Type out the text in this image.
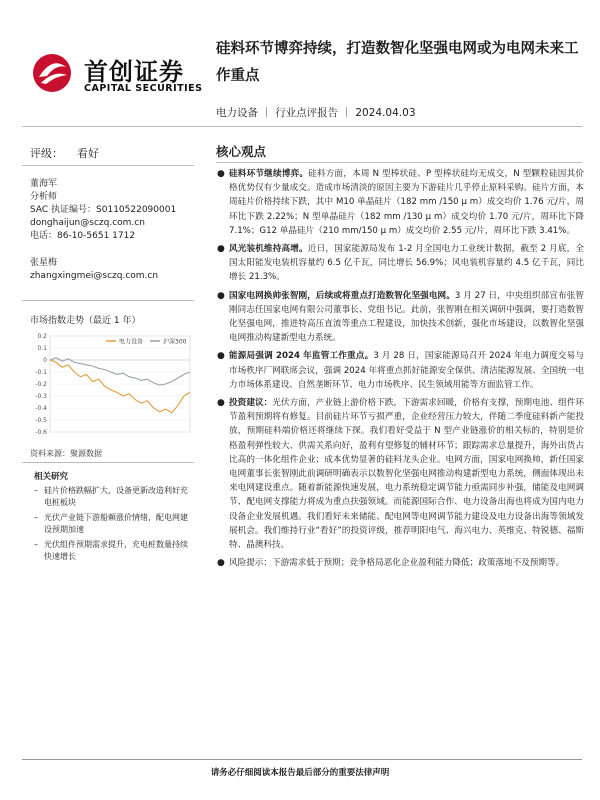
首创证券
CAPITAL SECURITIES
硅料环节博弈持续，打造数智化坚强电网或为电网未来工作重点
电力设备 ｜ 行业点评报告 ｜ 2024.04.03
评级： 看好
董海军
分析师
SAC 执证编号：S0110522090001
donghaijun@sczq.com.cn
电话：86-10-5651 1712
张星梅
zhangxingmei@sczq.com.cn
市场指数走势（最近 1 年）
0.2
0.1
0
-0.1
-0.2
-0.3
-0.4
-0.5
-0.6
电力设备	沪深300
资料来源：聚源数据
相关研究
– 硅片价格跌幅扩大，设备更新改造利好充电桩板块
– 光伏产业链下游船頼涨价情绪，配电网建设预期加速
– 光伏组件预期需求提升，充电桩数量持续快速增长
核心观点
● 硅料环节继续博弈。硅料方面，本周 N 型棒状硅、P 型棒状硅均无成交，N 型颗粒硅因其价格优势仅有少量成交。造成市场清淡的原因主要为下游硅片几乎停止原料采购。硅片方面，本周硅片价格持续下跌，其中 M10 单晶硅片（182 mm /150 μ m）成交均价 1.76 元/片，周环比下跌 2.22%；N 型单晶硅片（182 mm /130 μ m）成交均价 1.70 元/片，周环比下降 7.1%；G12 单晶硅片（210 mm/150 μ m）成交均价 2.55 元/片，周环比下跌 3.41%。
● 风光装机维持高增。近日，国家能源局发布 1-2 月全国电力工业统计数据，截至 2 月底，全国太阳能发电装机容量约 6.5 亿千瓦，同比增长 56.9%；风电装机容量约 4.5 亿千瓦，同比增长 21.3%。
● 国家电网换帅张智刚，后续或将重点打造数智化坚强电网。3 月 27 日，中央组织部宣布张智刚同志任国家电网有限公司董事长、党组书记。此前，张智刚在相关调研中强调，要打造数智化坚强电网，推进特高压直流等重点工程建设，加快技术创新，强化市场建设，以数智化坚强电网推动构建新型电力系统。
● 能源局强调 2024 年监管工作重点。3 月 28 日，国家能源局召开 2024 年电力调度交易与市场秩序厂网联席会议，强调 2024 年将重点抓好能源安全保供、清洁能源发展、全国统一电力市场体系建设、自然垄断环节、电力市场秩序、民生领域用能等方面监管工作。
● 投资建议：光伏方面，产业链上游价格下跌，下游需求回暖，价格有支撑，预期电池、组件环节盈利预期将有修复。目前硅片环节亏损严重，企业经营压力较大，伴随二季度硅料新产能投放，预期硅料端价格还将继续下探。我们看好受益于 N 型产业链涨价的相关标的，特别是价格盈利弹性较大、供需关系向好，盈利有望修复的辅材环节；跟踪需求总量提升，海外出货占比高的一体化组件企业；成本优势显著的硅料龙头企业。电网方面，国家电网换帅，新任国家电网董事长张智刚此前调研明确表示以数智化坚强电网推动构建新型电力系统，侧面体现出未来电网建设重点。随着新能源快速发展，电力系统稳定调节能力亟需同步补强，储能及电网调节、配电网支撑能力将成为重点扶强领域。而能源国际合作、电力设备出海也将成为国内电力设备企业发展机遇。我们看好未来储能、配电网等电网调节能力建设及电力设备出海等领域发展机会。我们维持行业“看好”的投资评级，推荐明阳电气、海兴电力、英维克、特锐德、福斯特、晶澳科技。
● 风险提示：下游需求低于预期；竞争格局恶化企业盈利能力降低；政策落地不及预期等。
请务必仔细阅读本报告最后部分的重要法律声明
